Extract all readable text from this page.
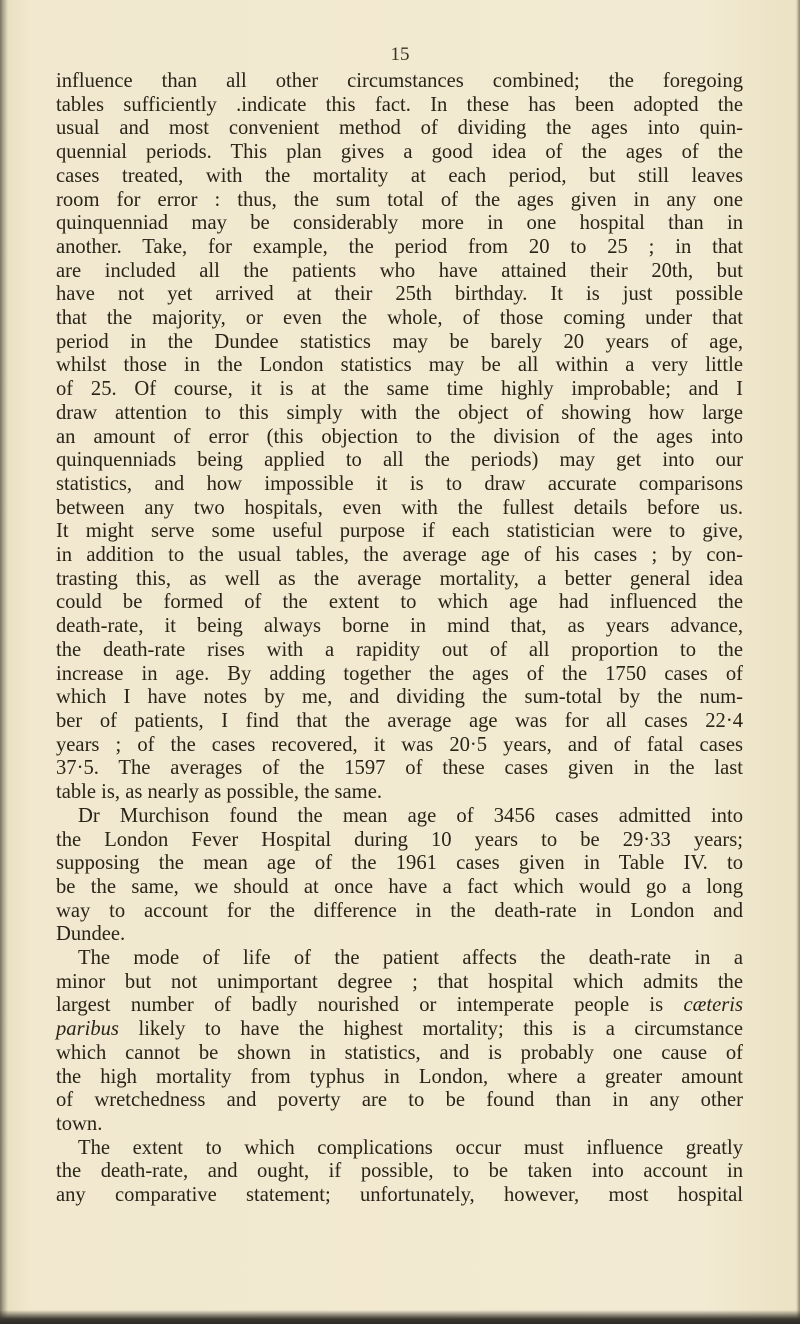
15

influence than all other circumstances combined; the foregoing
tables sufficiently .indicate this fact. In these has been adopted the
usual and most convenient method of dividing the ages into quin-
quennial periods. This plan gives a good idea of the ages of the
cases treated, with the mortality at each period, but still leaves
room for error : thus, the sum total of the ages given in any one
quinquenniad may be considerably more in one hospital than in
another. Take, for example, the period from 20 to 25 ; in that
are included all the patients who have attained their 20th, but
have not yet arrived at their 25th birthday. It is just possible
that the majority, or even the whole, of those coming under that
period in the Dundee statistics may be barely 20 years of age,
whilst those in the London statistics may be all within a very little
of 25. Of course, it is at the same time highly improbable; and I
draw attention to this simply with the object of showing how large
an amount of error (this objection to the division of the ages into
quinquenniads being applied to all the periods) may get into our
statistics, and how impossible it is to draw accurate comparisons
between any two hospitals, even with the fullest details before us.
It might serve some useful purpose if each statistician were to give,
in addition to the usual tables, the average age of his cases ; by con-
trasting this, as well as the average mortality, a better general idea
could be formed of the extent to which age had influenced the
death-rate, it being always borne in mind that, as years advance,
the death-rate rises with a rapidity out of all proportion to the
increase in age. By adding together the ages of the 1750 cases of
which I have notes by me, and dividing the sum-total by the num-
ber of patients, I find that the average age was for all cases 22·4
years ; of the cases recovered, it was 20·5 years, and of fatal cases
37·5. The averages of the 1597 of these cases given in the last
table is, as nearly as possible, the same.

Dr Murchison found the mean age of 3456 cases admitted into
the London Fever Hospital during 10 years to be 29·33 years;
supposing the mean age of the 1961 cases given in Table IV. to
be the same, we should at once have a fact which would go a long
way to account for the difference in the death-rate in London and
Dundee.

The mode of life of the patient affects the death-rate in a
minor but not unimportant degree ; that hospital which admits the
largest number of badly nourished or intemperate people is cæteris
paribus likely to have the highest mortality; this is a circumstance
which cannot be shown in statistics, and is probably one cause of
the high mortality from typhus in London, where a greater amount
of wretchedness and poverty are to be found than in any other
town.

The extent to which complications occur must influence greatly
the death-rate, and ought, if possible, to be taken into account in
any comparative statement; unfortunately, however, most hospital
